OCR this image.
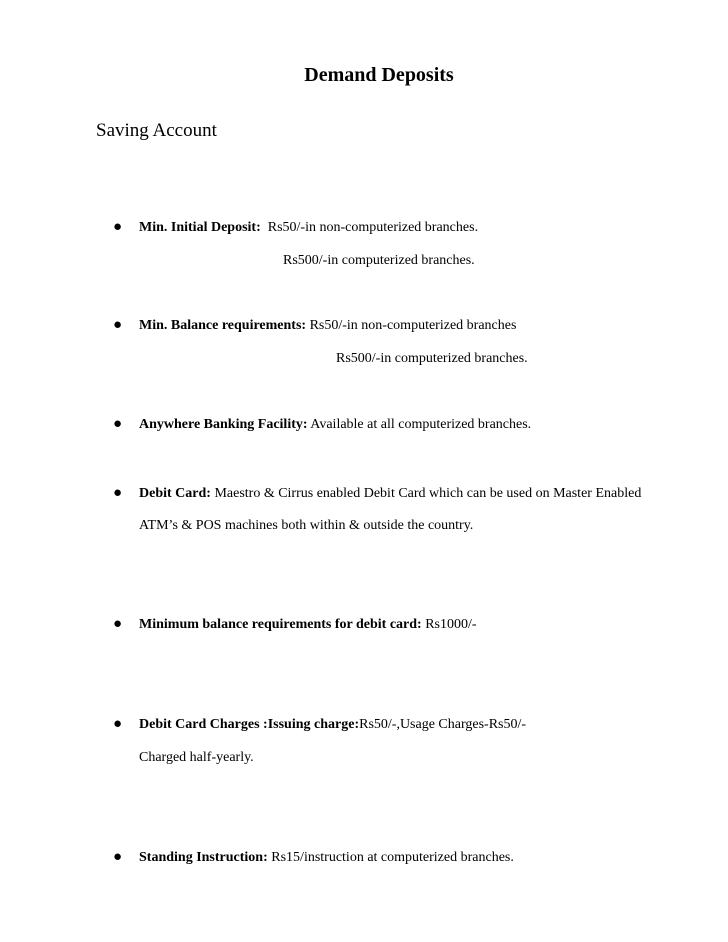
Demand Deposits
Saving Account
● Min. Initial Deposit: Rs50/-in non-computerized branches.
Rs500/-in computerized branches.
● Min. Balance requirements: Rs50/-in non-computerized branches
Rs500/-in computerized branches.
● Anywhere Banking Facility: Available at all computerized branches.
● Debit Card: Maestro & Cirrus enabled Debit Card which can be used on Master Enabled
ATM’s & POS machines both within & outside the country.
● Minimum balance requirements for debit card: Rs1000/-
● Debit Card Charges :Issuing charge:Rs50/-,Usage Charges-Rs50/-
Charged half-yearly.
● Standing Instruction: Rs15/instruction at computerized branches.
